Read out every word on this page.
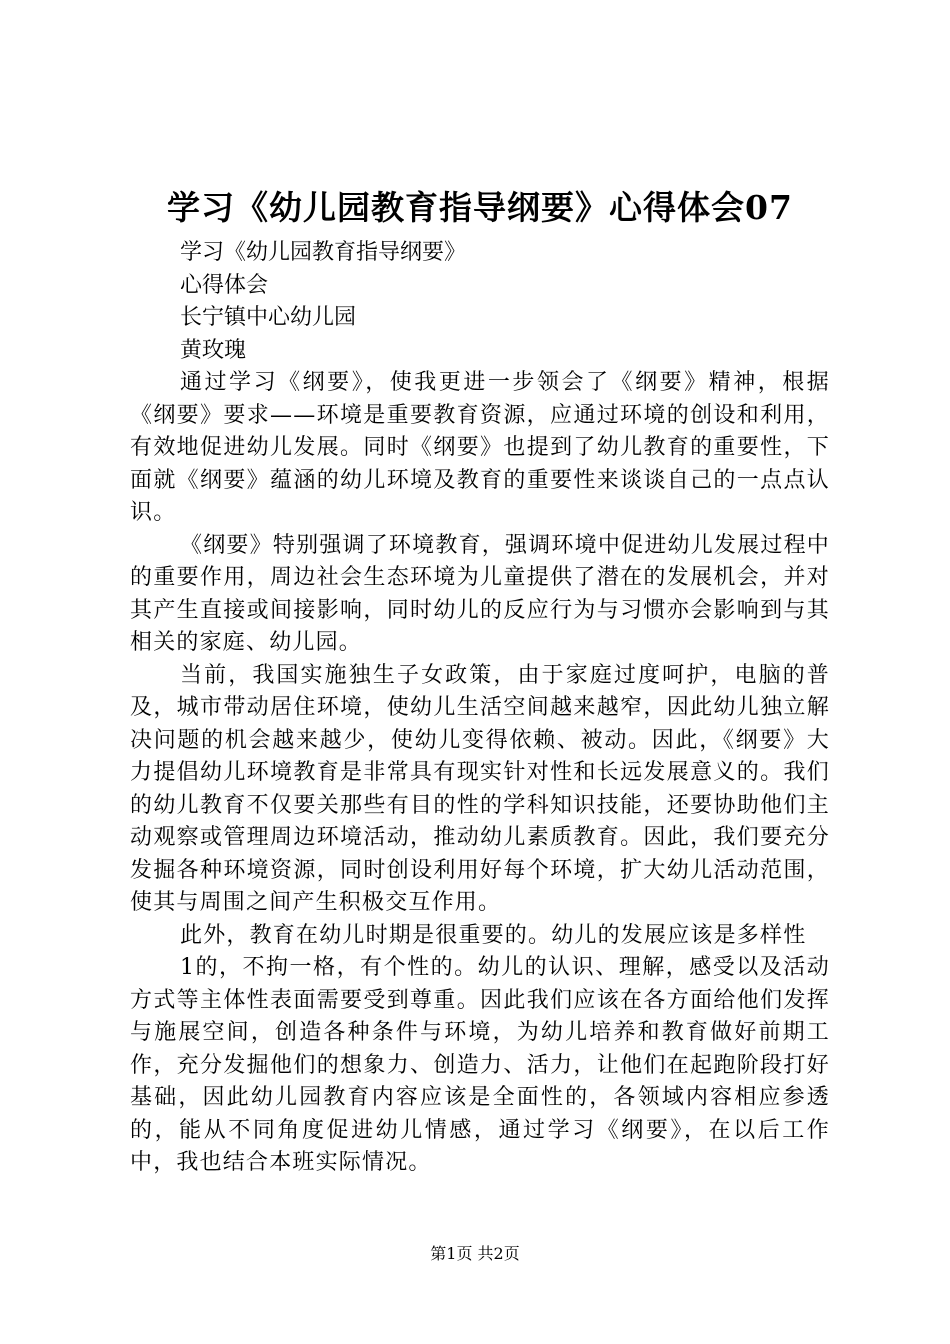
学习《幼儿园教育指导纲要》心得体会07

学习《幼儿园教育指导纲要》

心得体会

长宁镇中心幼儿园

黄玫瑰

通过学习《纲要》，使我更进一步领会了《纲要》精神，根据《纲要》要求——环境是重要教育资源，应通过环境的创设和利用，有效地促进幼儿发展。同时《纲要》也提到了幼儿教育的重要性，下面就《纲要》蕴涵的幼儿环境及教育的重要性来谈谈自己的一点点认识。

《纲要》特别强调了环境教育，强调环境中促进幼儿发展过程中的重要作用，周边社会生态环境为儿童提供了潜在的发展机会，并对其产生直接或间接影响，同时幼儿的反应行为与习惯亦会影响到与其相关的家庭、幼儿园。

当前，我国实施独生子女政策，由于家庭过度呵护，电脑的普及，城市带动居住环境，使幼儿生活空间越来越窄，因此幼儿独立解决问题的机会越来越少，使幼儿变得依赖、被动。因此，《纲要》大力提倡幼儿环境教育是非常具有现实针对性和长远发展意义的。我们的幼儿教育不仅要关那些有目的性的学科知识技能，还要协助他们主动观察或管理周边环境活动，推动幼儿素质教育。因此，我们要充分发掘各种环境资源，同时创设利用好每个环境，扩大幼儿活动范围，使其与周围之间产生积极交互作用。

此外，教育在幼儿时期是很重要的。幼儿的发展应该是多样性

1的，不拘一格，有个性的。幼儿的认识、理解，感受以及活动方式等主体性表面需要受到尊重。因此我们应该在各方面给他们发挥与施展空间，创造各种条件与环境，为幼儿培养和教育做好前期工作，充分发掘他们的想象力、创造力、活力，让他们在起跑阶段打好基础，因此幼儿园教育内容应该是全面性的，各领域内容相应参透的，能从不同角度促进幼儿情感，通过学习《纲要》，在以后工作中，我也结合本班实际情况。

第1页 共2页
